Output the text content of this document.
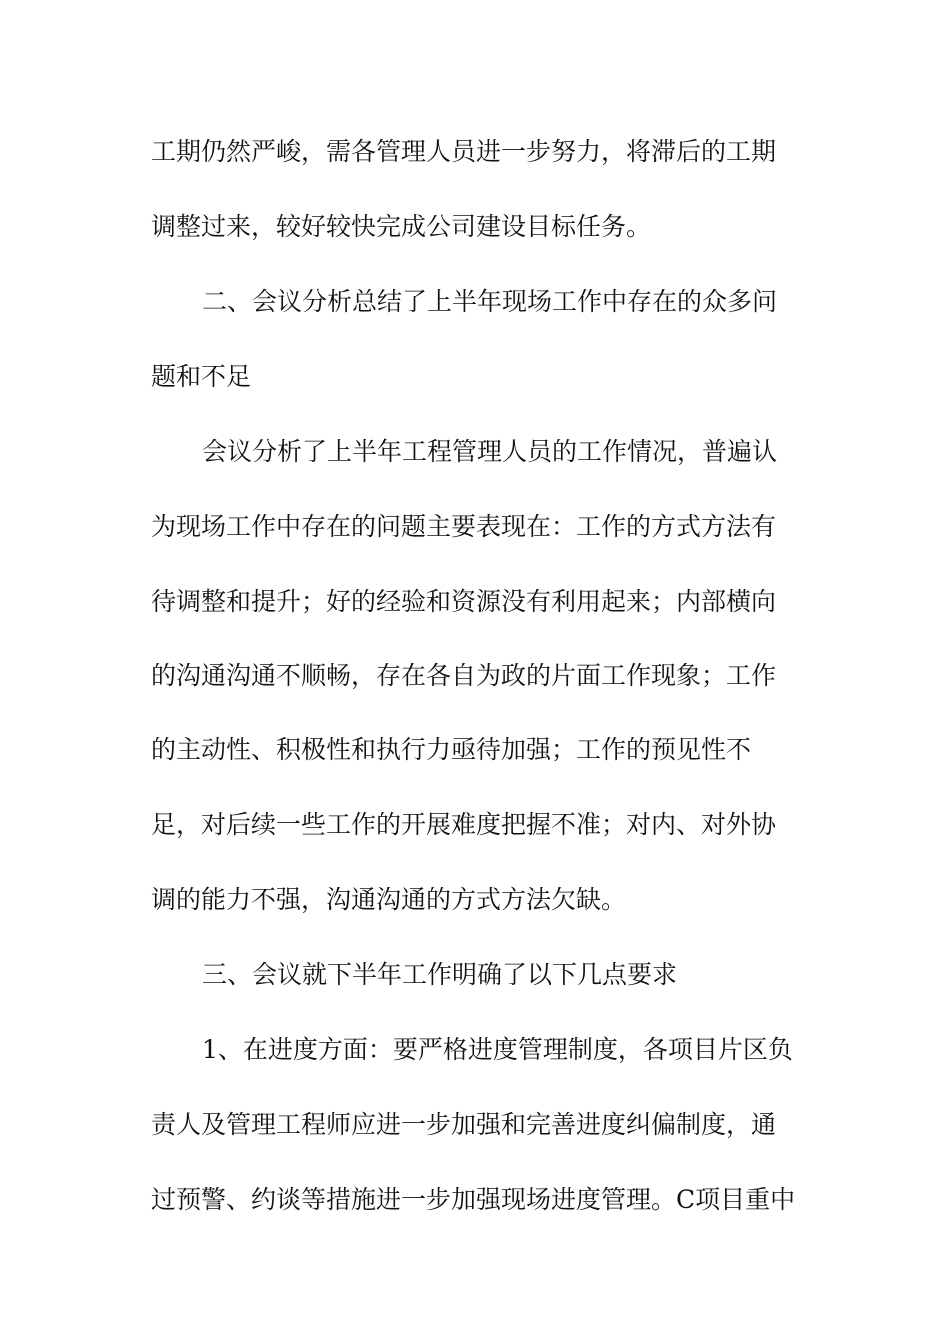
工期仍然严峻，需各管理人员进一步努力，将滞后的工期
调整过来，较好较快完成公司建设目标任务。
二、会议分析总结了上半年现场工作中存在的众多问
题和不足
会议分析了上半年工程管理人员的工作情况，普遍认
为现场工作中存在的问题主要表现在：工作的方式方法有
待调整和提升；好的经验和资源没有利用起来；内部横向
的沟通沟通不顺畅，存在各自为政的片面工作现象；工作
的主动性、积极性和执行力亟待加强；工作的预见性不
足，对后续一些工作的开展难度把握不准；对内、对外协
调的能力不强，沟通沟通的方式方法欠缺。
三、会议就下半年工作明确了以下几点要求
1、在进度方面：要严格进度管理制度，各项目片区负
责人及管理工程师应进一步加强和完善进度纠偏制度，通
过预警、约谈等措施进一步加强现场进度管理。C项目重中
